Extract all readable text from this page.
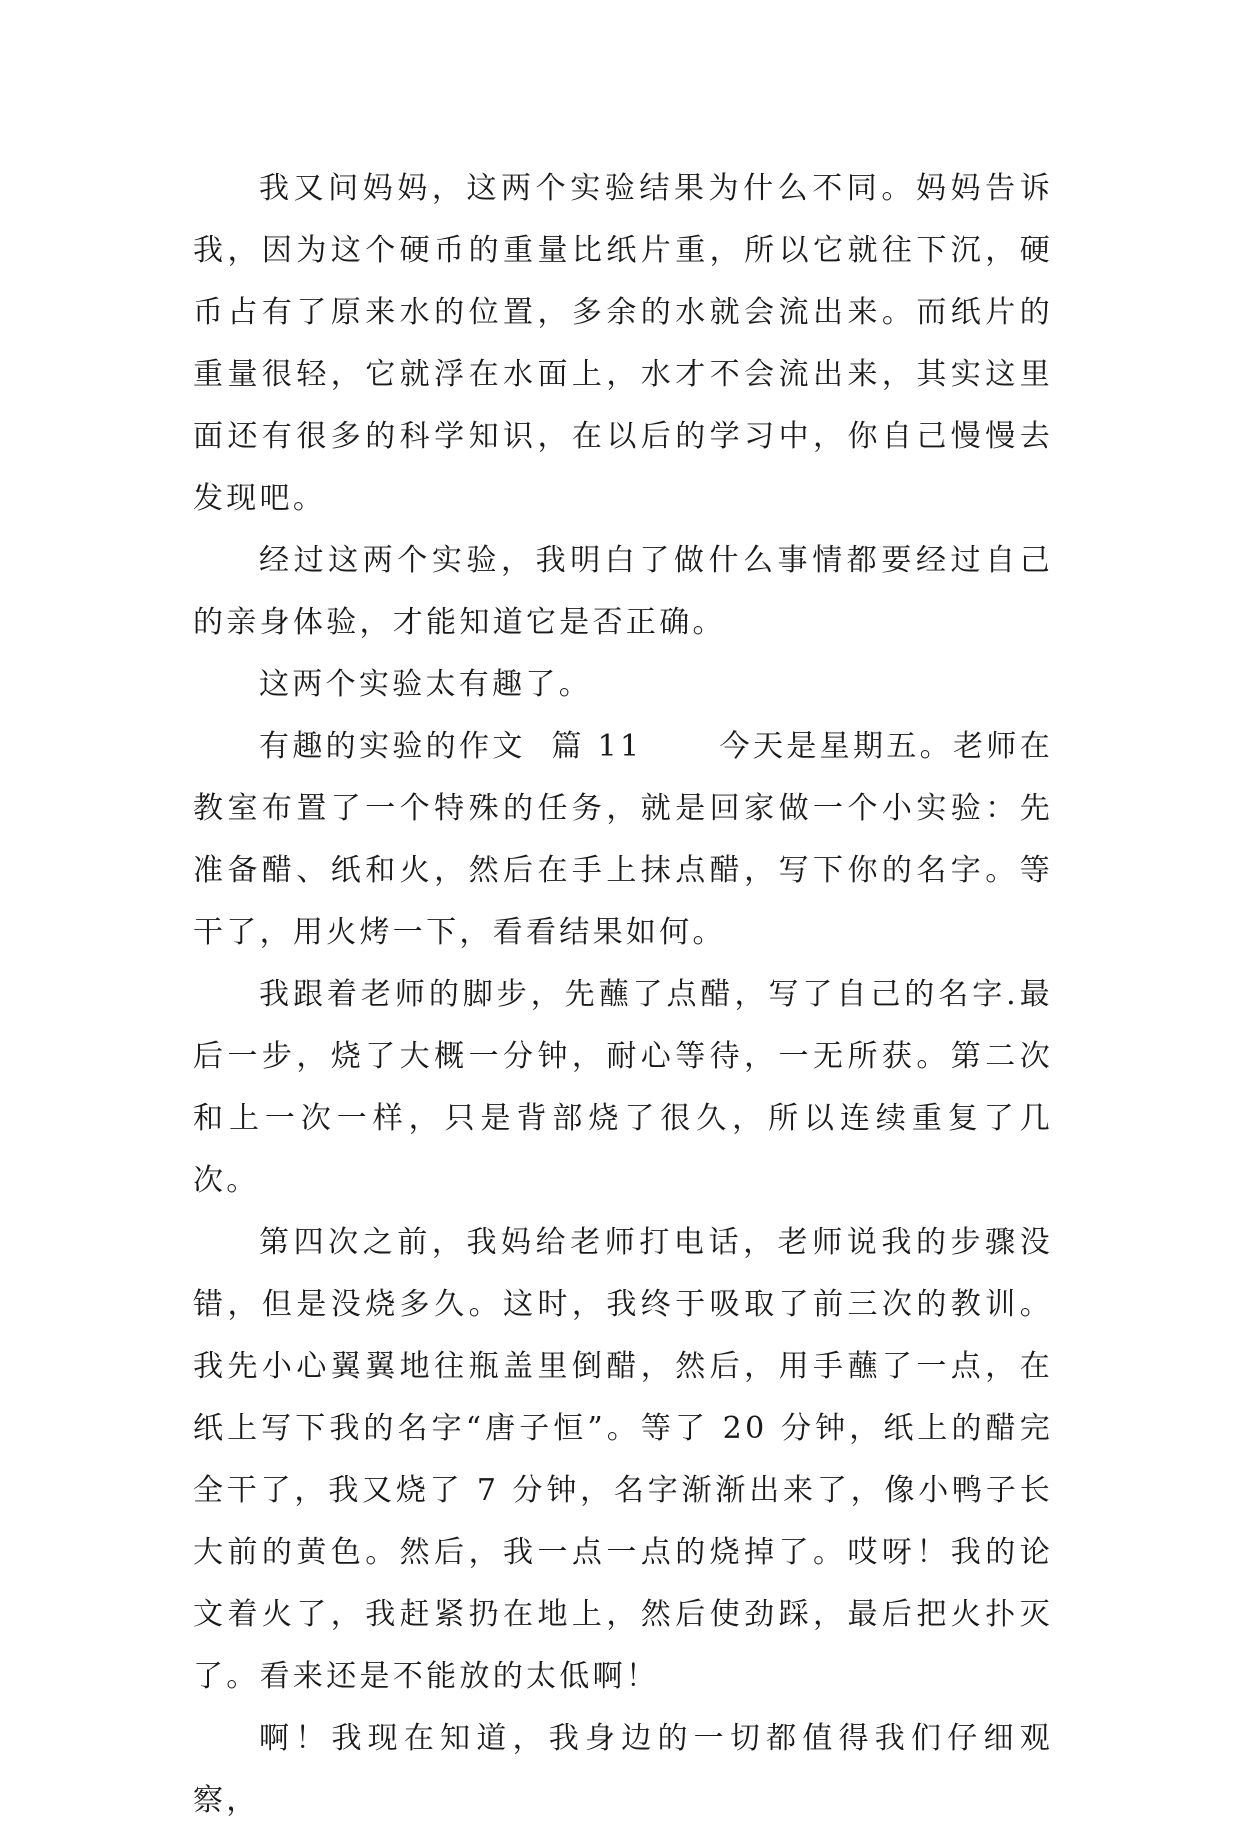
我又问妈妈，这两个实验结果为什么不同。妈妈告诉我，因为这个硬币的重量比纸片重，所以它就往下沉，硬币占有了原来水的位置，多余的水就会流出来。而纸片的重量很轻，它就浮在水面上，水才不会流出来，其实这里面还有很多的科学知识，在以后的学习中，你自己慢慢去发现吧。

经过这两个实验，我明白了做什么事情都要经过自己的亲身体验，才能知道它是否正确。

这两个实验太有趣了。

有趣的实验的作文  篇 11      今天是星期五。老师在教室布置了一个特殊的任务，就是回家做一个小实验：先准备醋、纸和火，然后在手上抹点醋，写下你的名字。等干了，用火烤一下，看看结果如何。

我跟着老师的脚步，先蘸了点醋，写了自己的名字.最后一步，烧了大概一分钟，耐心等待，一无所获。第二次和上一次一样，只是背部烧了很久，所以连续重复了几次。

第四次之前，我妈给老师打电话，老师说我的步骤没错，但是没烧多久。这时，我终于吸取了前三次的教训。我先小心翼翼地往瓶盖里倒醋，然后，用手蘸了一点，在纸上写下我的名字“唐子恒”。等了 20 分钟，纸上的醋完全干了，我又烧了 7 分钟，名字渐渐出来了，像小鸭子长大前的黄色。然后，我一点一点的烧掉了。哎呀！我的论文着火了，我赶紧扔在地上，然后使劲踩，最后把火扑灭了。看来还是不能放的太低啊！

啊！我现在知道，我身边的一切都值得我们仔细观察，
